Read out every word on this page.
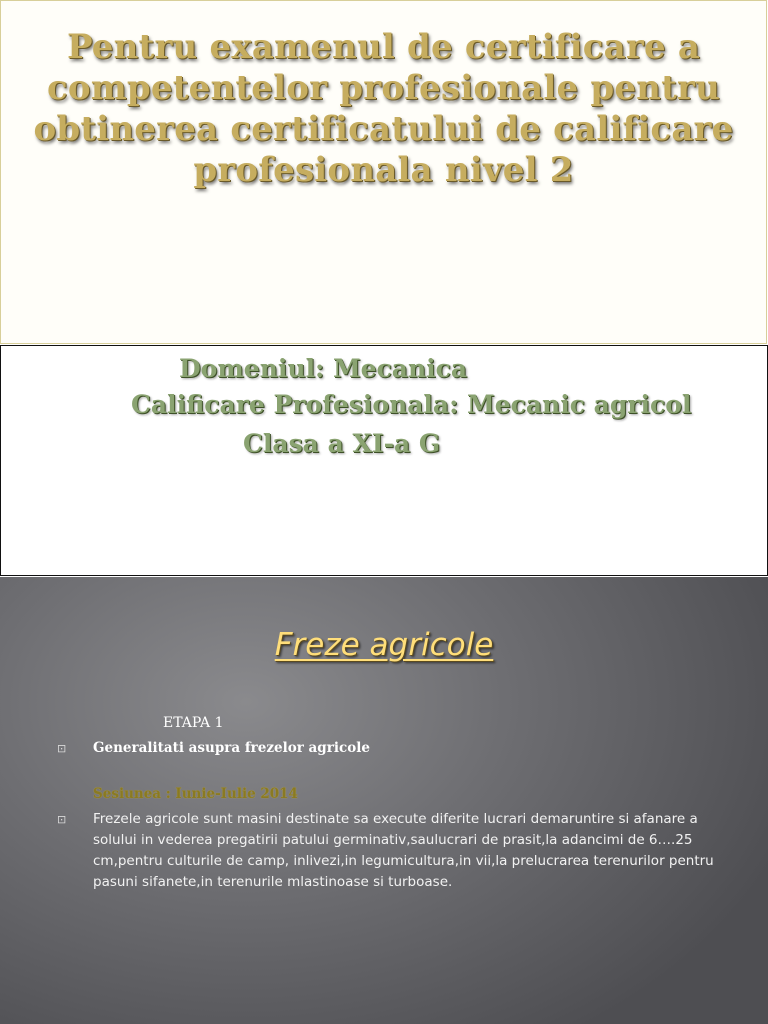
Pentru examenul de certificare a competentelor profesionale pentru obtinerea certificatului de calificare profesionala nivel 2
Domeniul: Mecanica
Calificare Profesionala: Mecanic agricol
Clasa a XI-a G
Freze agricole
ETAPA 1
⊡ Generalitati asupra frezelor agricole
Sesiunea : Iunie-Iulie 2014
⊡ Frezele agricole sunt masini destinate sa execute diferite lucrari demaruntire si afanare a solului in vederea pregatirii patului germinativ,saulucrari de prasit,la adancimi de 6….25 cm,pentru culturile de camp, inlivezi,in legumicultura,in vii,la prelucrarea terenurilor pentru pasuni sifanete,in terenurile mlastinoase si turboase.
